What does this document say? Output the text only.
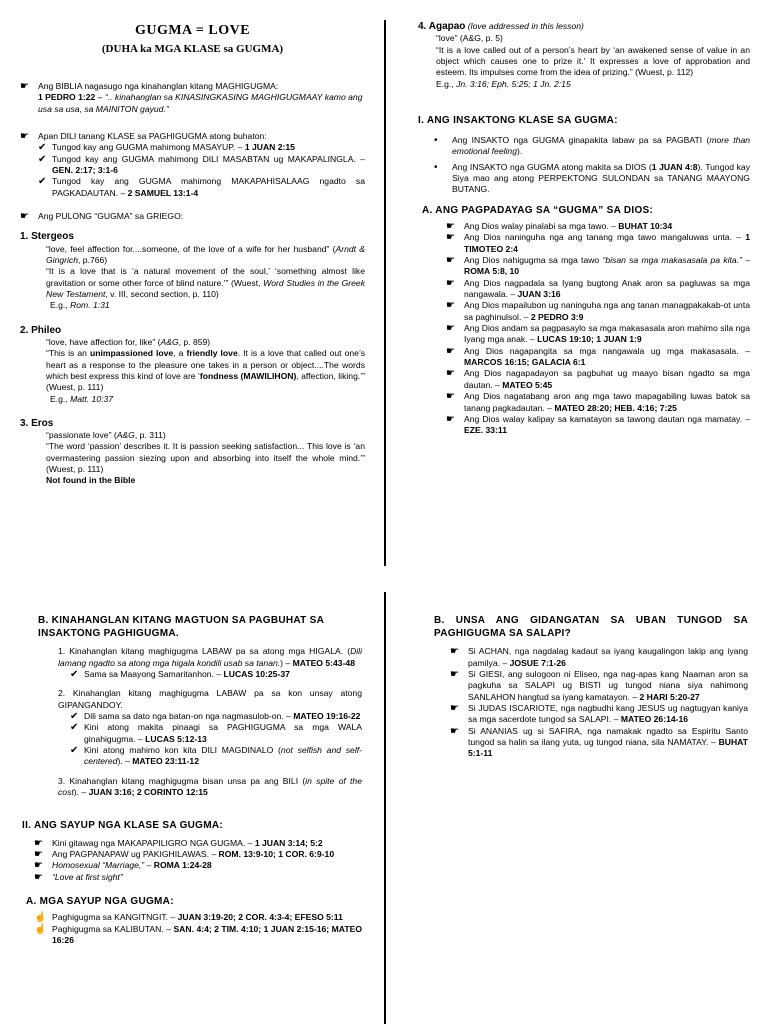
GUGMA = LOVE
(DUHA ka MGA KLASE sa GUGMA)
☛	Ang BIBLIA nagasugo nga kinahanglan kitang MAGHIGUGMA:

1 PEDRO 1:22 – “.. kinahanglan sa KINASINGKASING MAGHIGUGMAAY kamo ang usa sa usa, sa MAINITON gayud.”

☛	Apan DILI tanang KLASE sa PAGHIGUGMA atong buhaton:

✔ Tungod kay ang GUGMA mahimong MASAYUP. – 1 JUAN 2:15
✔ Tungod kay ang GUGMA mahimong DILI MASABTAN ug MAKAPALINGLA. – GEN. 2:17; 3:1-6
✔ Tungod kay ang GUGMA mahimong MAKAPAHISALAAG ngadto sa PAGKADAUTAN. – 2 SAMUEL 13:1-4
☛	Ang PULONG “GUGMA” sa GRIEGO:

1. Stergeos

“love, feel affection for....someone, of the love of a wife for her husband” (Arndt & Gingrich, p.766)

“It is a love that is ‘a natural movement of the soul,’ ‘something almost like gravitation or some other force of blind nature.’” (Wuest, Word Studies in the Greek New Testament, v. III, second section, p. 110)

E.g., Rom. 1:31

2. Phileo

“love, have affection for, like” (A&G, p. 859)

“This is an unimpassioned love, a friendly love. It is a love that called out one’s heart as a response to the pleasure one takes in a person or object....The words which best express this kind of love are ‘fondness (MAWILIHON), affection, liking.’” (Wuest, p. 111)

E.g., Matt. 10:37

3. Eros

“passionate love” (A&G, p. 311)

“The word ‘passion’ describes it. It is passion seeking satisfaction... This love is ‘an overmastering passion siezing upon and absorbing into itself the whole mind.’” (Wuest, p. 111)

Not found in the Bible

4. Agapao (love addressed in this lesson)

“love” (A&G, p. 5)

“It is a love called out of a person’s heart by ‘an awakened sense of value in an object which causes one to prize it.’ It expresses a love of approbation and esteem. Its impulses come from the idea of prizing.” (Wuest, p. 112)

E.g., Jn. 3:16; Eph. 5:25; 1 Jn. 2:15

I. ANG INSAKTONG KLASE SA GUGMA:

•	Ang INSAKTO nga GUGMA ginapakita labaw pa sa PAGBATI (more than emotional feeling).

•	Ang INSAKTO nga GUGMA atong makita sa DIOS (1 JUAN 4:8). Tungod kay Siya mao ang atong PERPEKTONG SULONDAN sa TANANG MAAYONG BUTANG.

A. ANG PAGPADAYAG SA “GUGMA” SA DIOS:

☛	Ang Dios walay pinalabi sa mga tawo. – BUHAT 10:34

☛	Ang Dios naninguha nga ang tanang mga tawo mangaluwas unta. – 1 TIMOTEO 2:4

☛	Ang Dios nahigugma sa mga tawo “bisan sa mga makasasala pa kita.” – ROMA 5:8, 10

☛	Ang Dios nagpadala sa Iyang bugtong Anak aron sa pagluwas sa mga nangawala. – JUAN 3:16

☛	Ang Dios mapailubon ug naninguha nga ang tanan managpakakab-ot unta sa paghinulsol. – 2 PEDRO 3:9

☛	Ang Dios andam sa pagpasaylo sa mga makasasala aron mahimo sila nga Iyang mga anak. – LUCAS 19:10; 1 JUAN 1:9

☛	Ang Dios nagapangita sa mga nangawala ug mga makasasala. – MARCOS 16:15; GALACIA 6:1

☛	Ang Dios nagapadayon sa pagbuhat ug maayo bisan ngadto sa mga dautan. – MATEO 5:45

☛	Ang Dios nagatabang aron ang mga tawo mapagabiling luwas batok sa tanang pagkadautan. – MATEO 28:20; HEB. 4:16; 7:25

☛	Ang Dios walay kalipay sa kamatayon sa tawong dautan nga mamatay. – EZE. 33:11

B. KINAHANGLAN KITANG MAGTUON SA PAGBUHAT SA INSAKTONG PAGHIGUGMA.

1. Kinahanglan kitang maghigugma LABAW pa sa atong mga HIGALA. (Dili lamang ngadto sa atong mga higala kondili usab sa tanan.) – MATEO 5:43-48

✔ Sama sa Maayong Samaritanhon. – LUCAS 10:25-37

2. Kinahanglan kitang maghigugma LABAW pa sa kon unsay atong GIPANGANDOY.

✔ Dili sama sa dato nga batan-on nga nagmasulob-on. – MATEO 19:16-22

✔ Kini atong makita pinaagi sa PAGHIGUGMA sa mga WALA ginahigugma. – LUCAS 5:12-13

✔ Kini atong mahimo kon kita DILI MAGDINALO (not selfish and self-centered). – MATEO 23:11-12

3. Kinahanglan kitang maghigugma bisan unsa pa ang BILI (in spite of the cost). – JUAN 3:16; 2 CORINTO 12:15

II. ANG SAYUP NGA KLASE SA GUGMA:

☛	Kini gitawag nga MAKAPAPILIGRO NGA GUGMA. – 1 JUAN 3:14; 5:2

☛	Ang PAGPANAPAW ug PAKIGHILAWAS. – ROM. 13:9-10; 1 COR. 6:9-10

☛	Homosexual “Marriage,” – ROMA 1:24-28

☛	“Love at first sight”

A. MGA SAYUP NGA GUGMA:

☝ Paghigugma sa KANGITNGIT. – JUAN 3:19-20; 2 COR. 4:3-4; EFESO 5:11

☝ Paghigugma sa KALIBUTAN. – SAN. 4:4; 2 TIM. 4:10; 1 JUAN 2:15-16; MATEO 16:26

B. UNSA ANG GIDANGATAN SA UBAN TUNGOD SA PAGHIGUGMA SA SALAPI?

☛	Si ACHAN, nga nagdalag kadaut sa iyang kaugalingon lakip ang iyang pamilya. – JOSUE 7:1-26

☛	Si GIESI, ang sulogoon ni Eliseo, nga nag-apas kang Naaman aron sa pagkuha sa SALAPI ug BISTI ug tungod niana siya nahimong SANLAHON hangtud sa iyang kamatayon. – 2 HARI 5:20-27

☛	Si JUDAS ISCARIOTE, nga nagbudhi kang JESUS ug nagtugyan kaniya sa mga sacerdote tungod sa SALAPI. – MATEO 26:14-16

☛	Si ANANIAS ug si SAFIRA, nga namakak ngadto sa Espiritu Santo tungod sa halin sa ilang yuta, ug tungod niana, sila NAMATAY. – BUHAT 5:1-11
